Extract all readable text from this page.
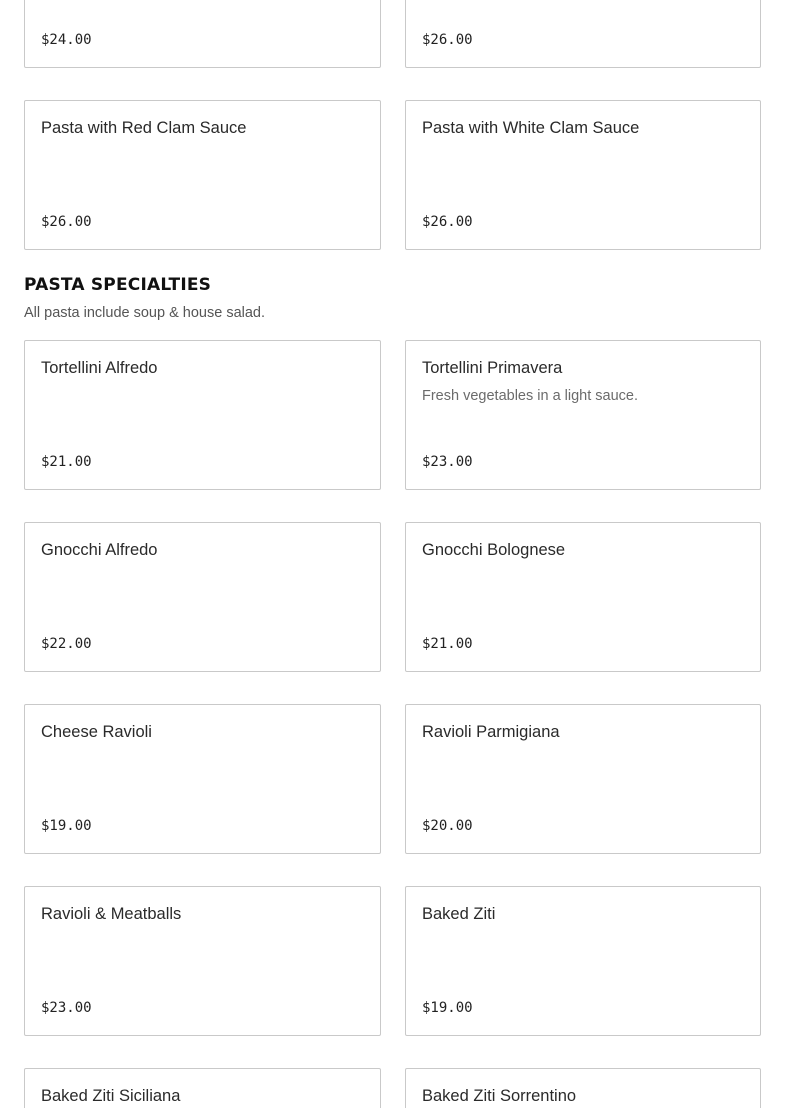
$24.00	$26.00
Pasta with Red Clam Sauce
$26.00
Pasta with White Clam Sauce
$26.00
PASTA SPECIALTIES
All pasta include soup & house salad.
Tortellini Alfredo
$21.00
Tortellini Primavera
Fresh vegetables in a light sauce.
$23.00
Gnocchi Alfredo
$22.00
Gnocchi Bolognese
$21.00
Cheese Ravioli
$19.00
Ravioli Parmigiana
$20.00
Ravioli & Meatballs
$23.00
Baked Ziti
$19.00
Baked Ziti Siciliana	Baked Ziti Sorrentino
